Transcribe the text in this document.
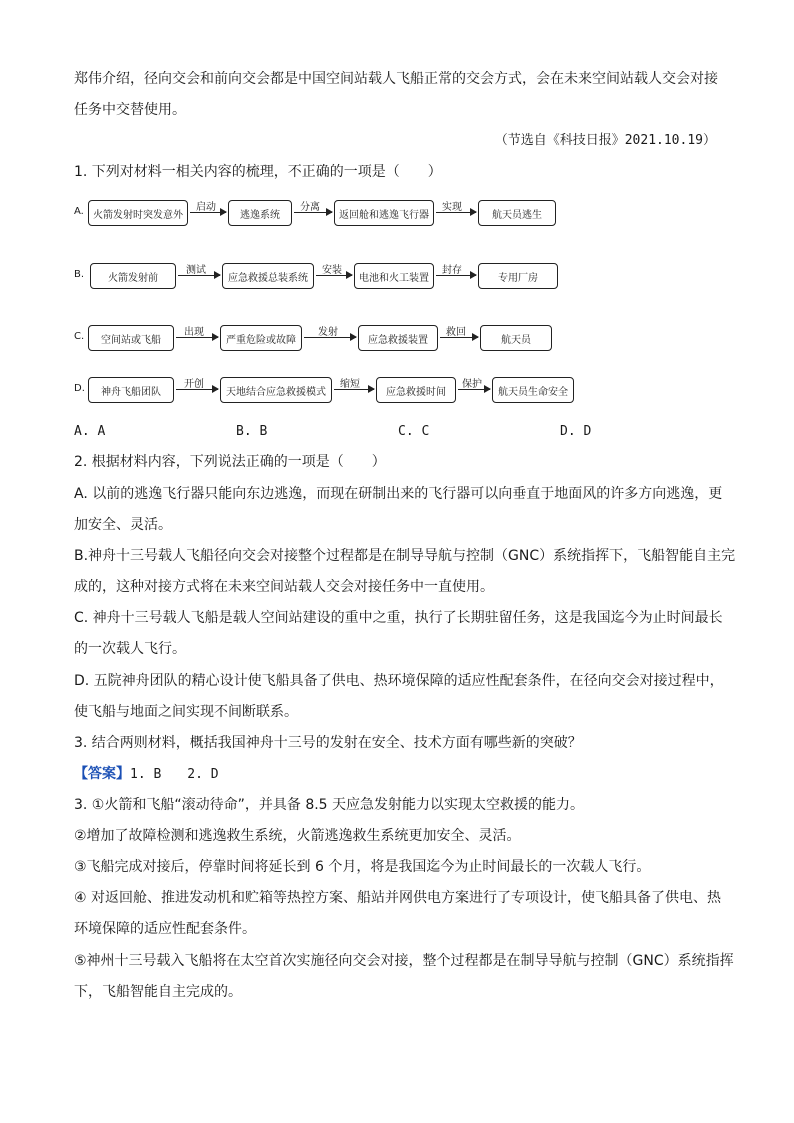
郑伟介绍，径向交会和前向交会都是中国空间站载人飞船正常的交会方式，会在未来空间站载人交会对接
任务中交替使用。
（节选自《科技日报》2021.10.19）
1. 下列对材料一相关内容的梳理，不正确的一项是（　　）
A. 火箭发射时突发意外
启动
逃逸系统
分离
返回舱和逃逸飞行器
实现
航天员逃生
B.	火箭发射前
测试
应急救援总装系统
安装
电池和火工装置
封存
专用厂房
C.	空间站或飞船
出现
严重危险或故障
发射
应急救援装置
救回
航天员
D.	神舟飞船团队
开创
天地结合应急救援模式
缩短
应急救援时间
保护
航天员生命安全
A. A	B. B	C. C	D. D
2. 根据材料内容，下列说法正确的一项是（　　）
A. 以前的逃逸飞行器只能向东边逃逸，而现在研制出来的飞行器可以向垂直于地面风的许多方向逃逸，更
加安全、灵活。
B.神舟十三号载人飞船径向交会对接整个过程都是在制导导航与控制（GNC）系统指挥下，飞船智能自主完
成的，这种对接方式将在未来空间站载人交会对接任务中一直使用。
C. 神舟十三号载人飞船是载人空间站建设的重中之重，执行了长期驻留任务，这是我国迄今为止时间最长
的一次载人飞行。
D. 五院神舟团队的精心设计使飞船具备了供电、热环境保障的适应性配套条件，在径向交会对接过程中，
使飞船与地面之间实现不间断联系。
3. 结合两则材料，概括我国神舟十三号的发射在安全、技术方面有哪些新的突破？
【答案】1. B　　2. D
3. ①火箭和飞船“滚动待命”，并具备 8.5 天应急发射能力以实现太空救援的能力。
②增加了故障检测和逃逸救生系统，火箭逃逸救生系统更加安全、灵活。
③飞船完成对接后，停靠时间将延长到 6 个月，将是我国迄今为止时间最长的一次载人飞行。
④ 对返回舱、推进发动机和贮箱等热控方案、船站并网供电方案进行了专项设计，使飞船具备了供电、热
环境保障的适应性配套条件。
⑤神州十三号载入飞船将在太空首次实施径向交会对接，整个过程都是在制导导航与控制（GNC）系统指挥
下，飞船智能自主完成的。
